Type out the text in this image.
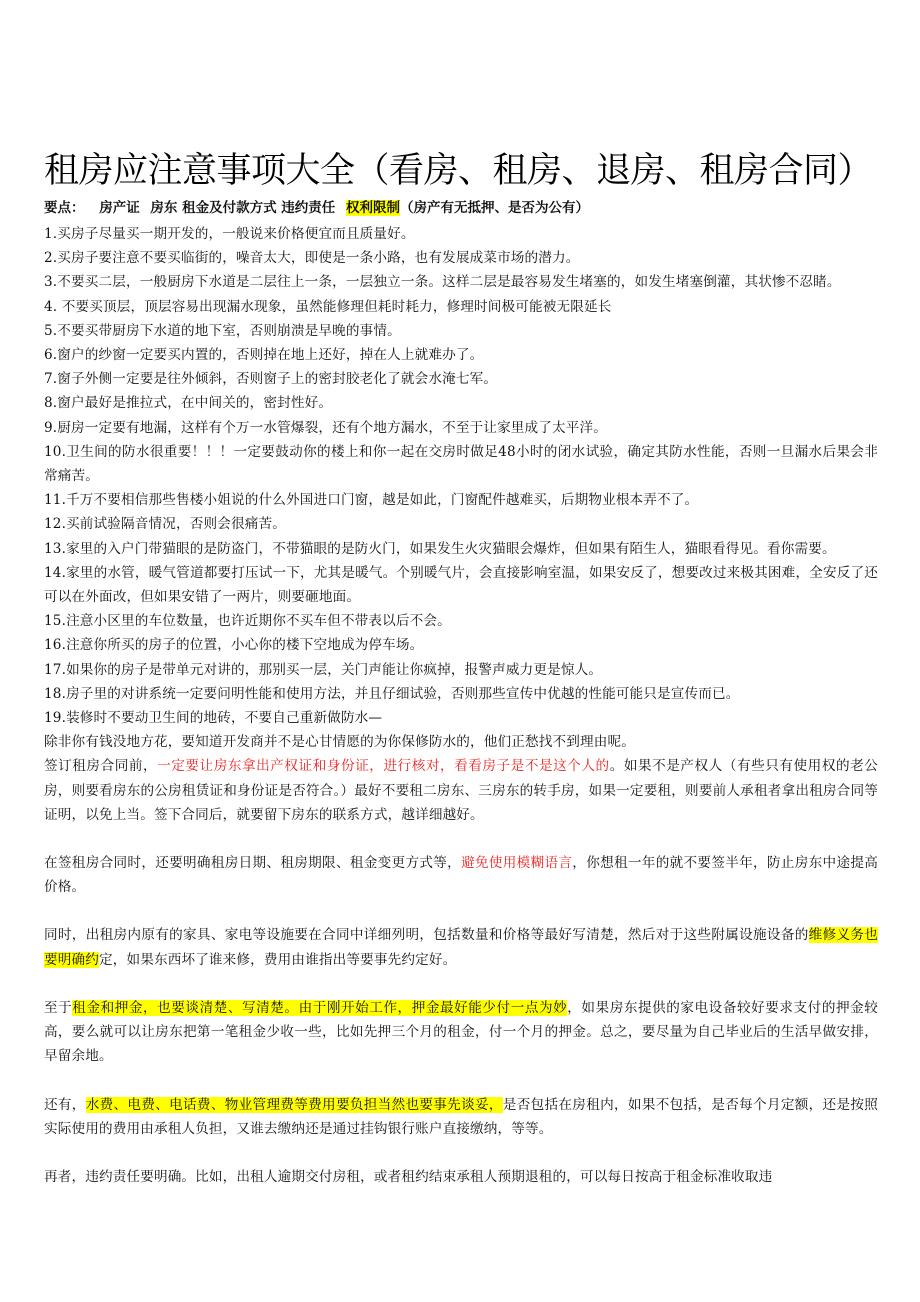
租房应注意事项大全（看房、租房、退房、租房合同）
要点： 房产证 房东 租金及付款方式 违约责任 权利限制（房产有无抵押、是否为公有）

1.买房子尽量买一期开发的，一般说来价格便宜而且质量好。

2.买房子要注意不要买临街的，噪音太大，即使是一条小路，也有发展成菜市场的潜力。

3.不要买二层，一般厨房下水道是二层往上一条，一层独立一条。这样二层是最容易发生堵塞的，如发生堵塞倒灌，其状惨不忍睹。

4. 不要买顶层，顶层容易出现漏水现象，虽然能修理但耗时耗力，修理时间极可能被无限延长

5.不要买带厨房下水道的地下室，否则崩溃是早晚的事情。

6.窗户的纱窗一定要买内置的，否则掉在地上还好，掉在人上就难办了。

7.窗子外侧一定要是往外倾斜，否则窗子上的密封胶老化了就会水淹七军。

8.窗户最好是推拉式，在中间关的，密封性好。

9.厨房一定要有地漏，这样有个万一水管爆裂，还有个地方漏水，不至于让家里成了太平洋。

10.卫生间的防水很重要！！！一定要鼓动你的楼上和你一起在交房时做足48小时的闭水试验，确定其防水性能，否则一旦漏水后果会非常痛苦。

11.千万不要相信那些售楼小姐说的什么外国进口门窗，越是如此，门窗配件越难买，后期物业根本弄不了。

12.买前试验隔音情况，否则会很痛苦。

13.家里的入户门带猫眼的是防盗门，不带猫眼的是防火门，如果发生火灾猫眼会爆炸，但如果有陌生人，猫眼看得见。看你需要。

14.家里的水管，暖气管道都要打压试一下，尤其是暖气。个别暖气片，会直接影响室温，如果安反了，想要改过来极其困难，全安反了还可以在外面改，但如果安错了一两片，则要砸地面。

15.注意小区里的车位数量，也许近期你不买车但不带表以后不会。

16.注意你所买的房子的位置，小心你的楼下空地成为停车场。

17.如果你的房子是带单元对讲的，那别买一层，关门声能让你疯掉，报警声威力更是惊人。

18.房子里的对讲系统一定要问明性能和使用方法，并且仔细试验，否则那些宣传中优越的性能可能只是宣传而已。

19.装修时不要动卫生间的地砖，不要自己重新做防水—

除非你有钱没地方花，要知道开发商并不是心甘情愿的为你保修防水的，他们正愁找不到理由呢。

签订租房合同前，一定要让房东拿出产权证和身份证，进行核对，看看房子是不是这个人的。如果不是产权人（有些只有使用权的老公房，则要看房东的公房租赁证和身份证是否符合。）最好不要租二房东、三房东的转手房，如果一定要租，则要前人承租者拿出租房合同等证明，以免上当。签下合同后，就要留下房东的联系方式，越详细越好。

在签租房合同时，还要明确租房日期、租房期限、租金变更方式等，避免使用模糊语言，你想租一年的就不要签半年，防止房东中途提高价格。

同时，出租房内原有的家具、家电等设施要在合同中详细列明，包括数量和价格等最好写清楚，然后对于这些附属设施设备的维修义务也要明确约定，如果东西坏了谁来修，费用由谁指出等要事先约定好。

至于租金和押金，也要谈清楚、写清楚。由于刚开始工作，押金最好能少付一点为妙，如果房东提供的家电设备较好要求支付的押金较高，要么就可以让房东把第一笔租金少收一些，比如先押三个月的租金，付一个月的押金。总之，要尽量为自己毕业后的生活早做安排，早留余地。

还有，水费、电费、电话费、物业管理费等费用要负担当然也要事先谈妥，是否包括在房租内，如果不包括，是否每个月定额，还是按照实际使用的费用由承租人负担，又谁去缴纳还是通过挂钩银行账户直接缴纳，等等。

再者，违约责任要明确。比如，出租人逾期交付房租，或者租约结束承租人预期退租的，可以每日按高于租金标准收取违
